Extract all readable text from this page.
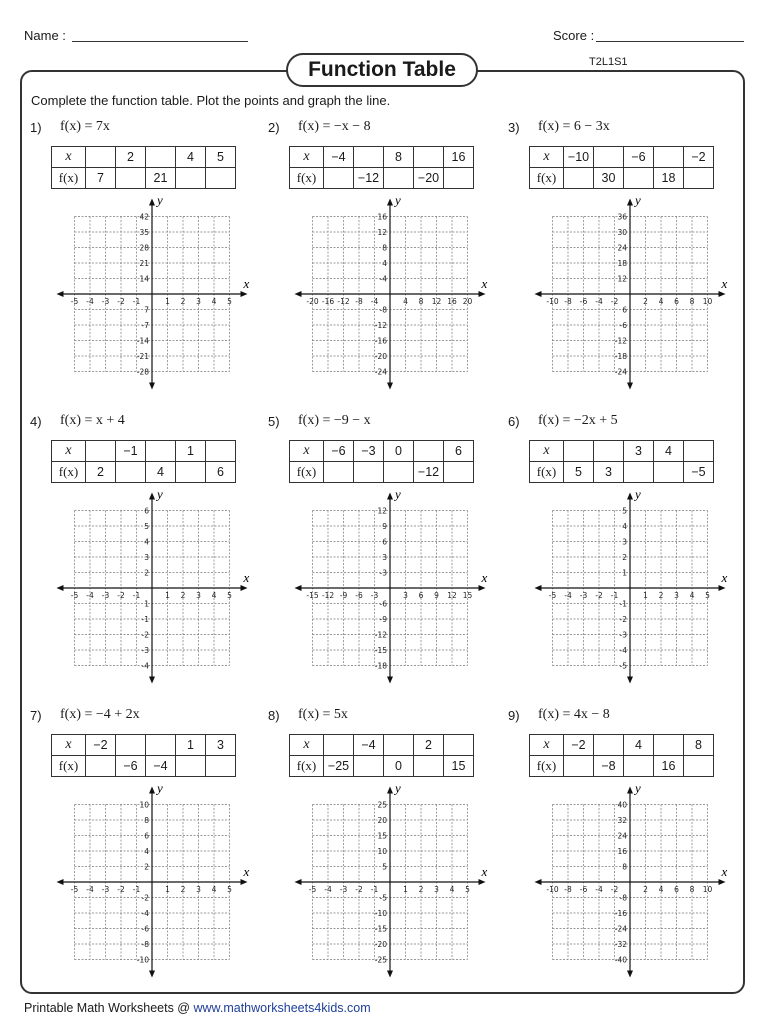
Name :	Score :
Function Table	T2L1S1
Complete the function table. Plot the points and graph the line.
1) f(x) = 7x
x		2		4	5
f(x)	7		21		
x
y
-5 -4 -3 -2 -1	1 2 3 4 5
42
35
28
21
14
7
-7
-14
-21
-28
2) f(x) = −x − 8
x	−4		8		16
f(x)		−12		−20	
x
y
-20 -16 -12 -8 -4	4 8 12 16 20
16
12
8
4
-4
-8
-12
-16
-20
-24
3) f(x) = 6 − 3x
x	−10		−6		−2
f(x)		30		18	
x
y
-10 -8 -6 -4 -2	2 4 6 8 10
36
30
24
18
12
6
-6
-12
-18
-24
4) f(x) = x + 4
x		−1		1	
f(x)	2		4		6
x
y
-5 -4 -3 -2 -1	1 2 3 4 5
6
5
4
3
2
1
-1
-2
-3
-4
5) f(x) = −9 − x
x	−6	−3	0		6
f(x)				−12	
x
y
-15 -12 -9 -6 -3	3 6 9 12 15
12
9
6
3
-3
-6
-9
-12
-15
-18
6) f(x) = −2x + 5
x			3	4	
f(x)	5	3			−5
x
y
-5 -4 -3 -2 -1	1 2 3 4 5
5
4
3
2
1
-1
-2
-3
-4
-5
7) f(x) = −4 + 2x
x	−2			1	3
f(x)		−6	−4		
x
y
-5 -4 -3 -2 -1	1 2 3 4 5
10
8
6
4
2
-2
-4
-6
-8
-10
8) f(x) = 5x
x		−4		2	
f(x)	−25		0		15
x
y
-5 -4 -3 -2 -1	1 2 3 4 5
25
20
15
10
5
-5
-10
-15
-20
-25
9) f(x) = 4x − 8
x	−2		4		8
f(x)		−8		16	
x
y
-10 -8 -6 -4 -2	2 4 6 8 10
40
32
24
16
8
-8
-16
-24
-32
-40
Printable Math Worksheets @ www.mathworksheets4kids.com
